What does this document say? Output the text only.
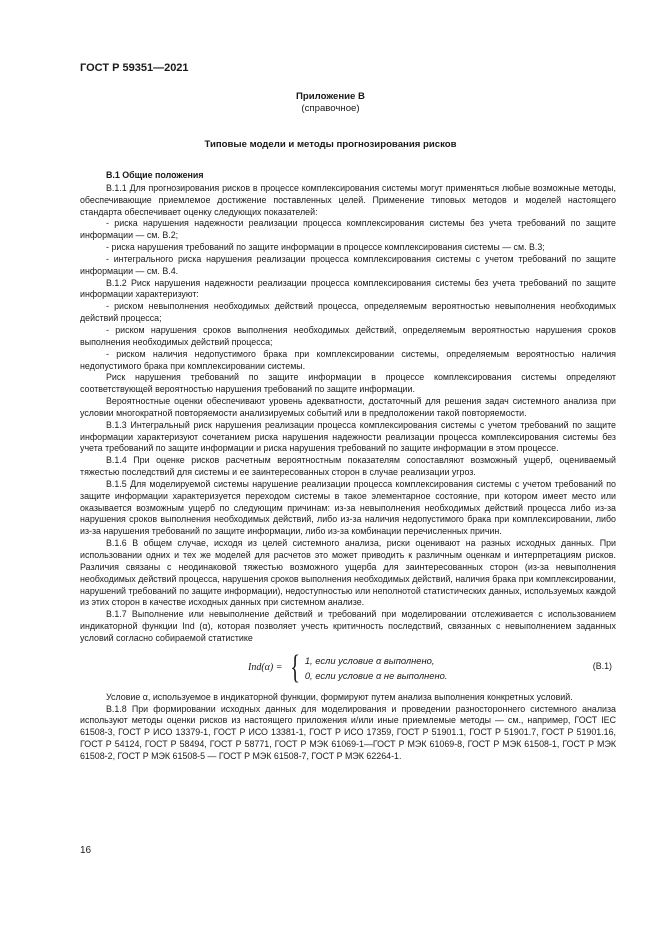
ГОСТ Р 59351—2021
Приложение В
(справочное)
Типовые модели и методы прогнозирования рисков

В.1 Общие положения

В.1.1 Для прогнозирования рисков в процессе комплексирования системы могут применяться любые возможные методы, обеспечивающие приемлемое достижение поставленных целей. Применение типовых методов и моделей настоящего стандарта обеспечивает оценку следующих показателей:

- риска нарушения надежности реализации процесса комплексирования системы без учета требований по защите информации — см. В.2;

- риска нарушения требований по защите информации в процессе комплексирования системы — см. В.3;

- интегрального риска нарушения реализации процесса комплексирования системы с учетом требований по защите информации — см. В.4.

В.1.2 Риск нарушения надежности реализации процесса комплексирования системы без учета требований по защите информации характеризуют:

- риском невыполнения необходимых действий процесса, определяемым вероятностью невыполнения необходимых действий процесса;

- риском нарушения сроков выполнения необходимых действий, определяемым вероятностью нарушения сроков выполнения необходимых действий процесса;

- риском наличия недопустимого брака при комплексировании системы, определяемым вероятностью наличия недопустимого брака при комплексировании системы.

Риск нарушения требований по защите информации в процессе комплексирования системы определяют соответствующей вероятностью нарушения требований по защите информации.

Вероятностные оценки обеспечивают уровень адекватности, достаточный для решения задач системного анализа при условии многократной повторяемости анализируемых событий или в предположении такой повторяемости.

В.1.3 Интегральный риск нарушения реализации процесса комплексирования системы с учетом требований по защите информации характеризуют сочетанием риска нарушения надежности реализации процесса комплексирования системы без учета требований по защите информации и риска нарушения требований по защите информации в этом процессе.

В.1.4 При оценке рисков расчетным вероятностным показателям сопоставляют возможный ущерб, оцениваемый тяжестью последствий для системы и ее заинтересованных сторон в случае реализации угроз.

В.1.5 Для моделируемой системы нарушение реализации процесса комплексирования системы с учетом требований по защите информации характеризуется переходом системы в такое элементарное состояние, при котором имеет место или оказывается возможным ущерб по следующим причинам: из-за невыполнения необходимых действий процесса либо из-за нарушения сроков выполнения необходимых действий, либо из-за наличия недопустимого брака при комплексировании, либо из-за нарушения требований по защите информации, либо из-за комбинации перечисленных причин.

В.1.6 В общем случае, исходя из целей системного анализа, риски оценивают на разных исходных данных. При использовании одних и тех же моделей для расчетов это может приводить к различным оценкам и интерпретациям рисков. Различия связаны с неодинаковой тяжестью возможного ущерба для заинтересованных сторон (из-за невыполнения необходимых действий процесса, нарушения сроков выполнения необходимых действий, наличия брака при комплексировании, нарушений требований по защите информации), недоступностью или неполнотой статистических данных, используемых каждой из этих сторон в качестве исходных данных при системном анализе.

В.1.7 Выполнение или невыполнение действий и требований при моделировании отслеживается с использованием индикаторной функции Ind (α), которая позволяет учесть критичность последствий, связанных с невыполнением заданных условий согласно собираемой статистике

Ind(α) = { 1, если условие α выполнено,
0, если условие α не выполнено.
(В.1)

Условие α, используемое в индикаторной функции, формируют путем анализа выполнения конкретных условий.

В.1.8 При формировании исходных данных для моделирования и проведении разностороннего системного анализа используют методы оценки рисков из настоящего приложения и/или иные приемлемые методы — см., например, ГОСТ IEC 61508-3, ГОСТ Р ИСО 13379-1, ГОСТ Р ИСО 13381-1, ГОСТ Р ИСО 17359, ГОСТ Р 51901.1, ГОСТ Р 51901.7, ГОСТ Р 51901.16, ГОСТ Р 54124, ГОСТ Р 58494, ГОСТ Р 58771, ГОСТ Р МЭК 61069-1—ГОСТ Р МЭК 61069-8, ГОСТ Р МЭК 61508-1, ГОСТ Р МЭК 61508-2, ГОСТ Р МЭК 61508-5 — ГОСТ Р МЭК 61508-7, ГОСТ Р МЭК 62264-1.

16
